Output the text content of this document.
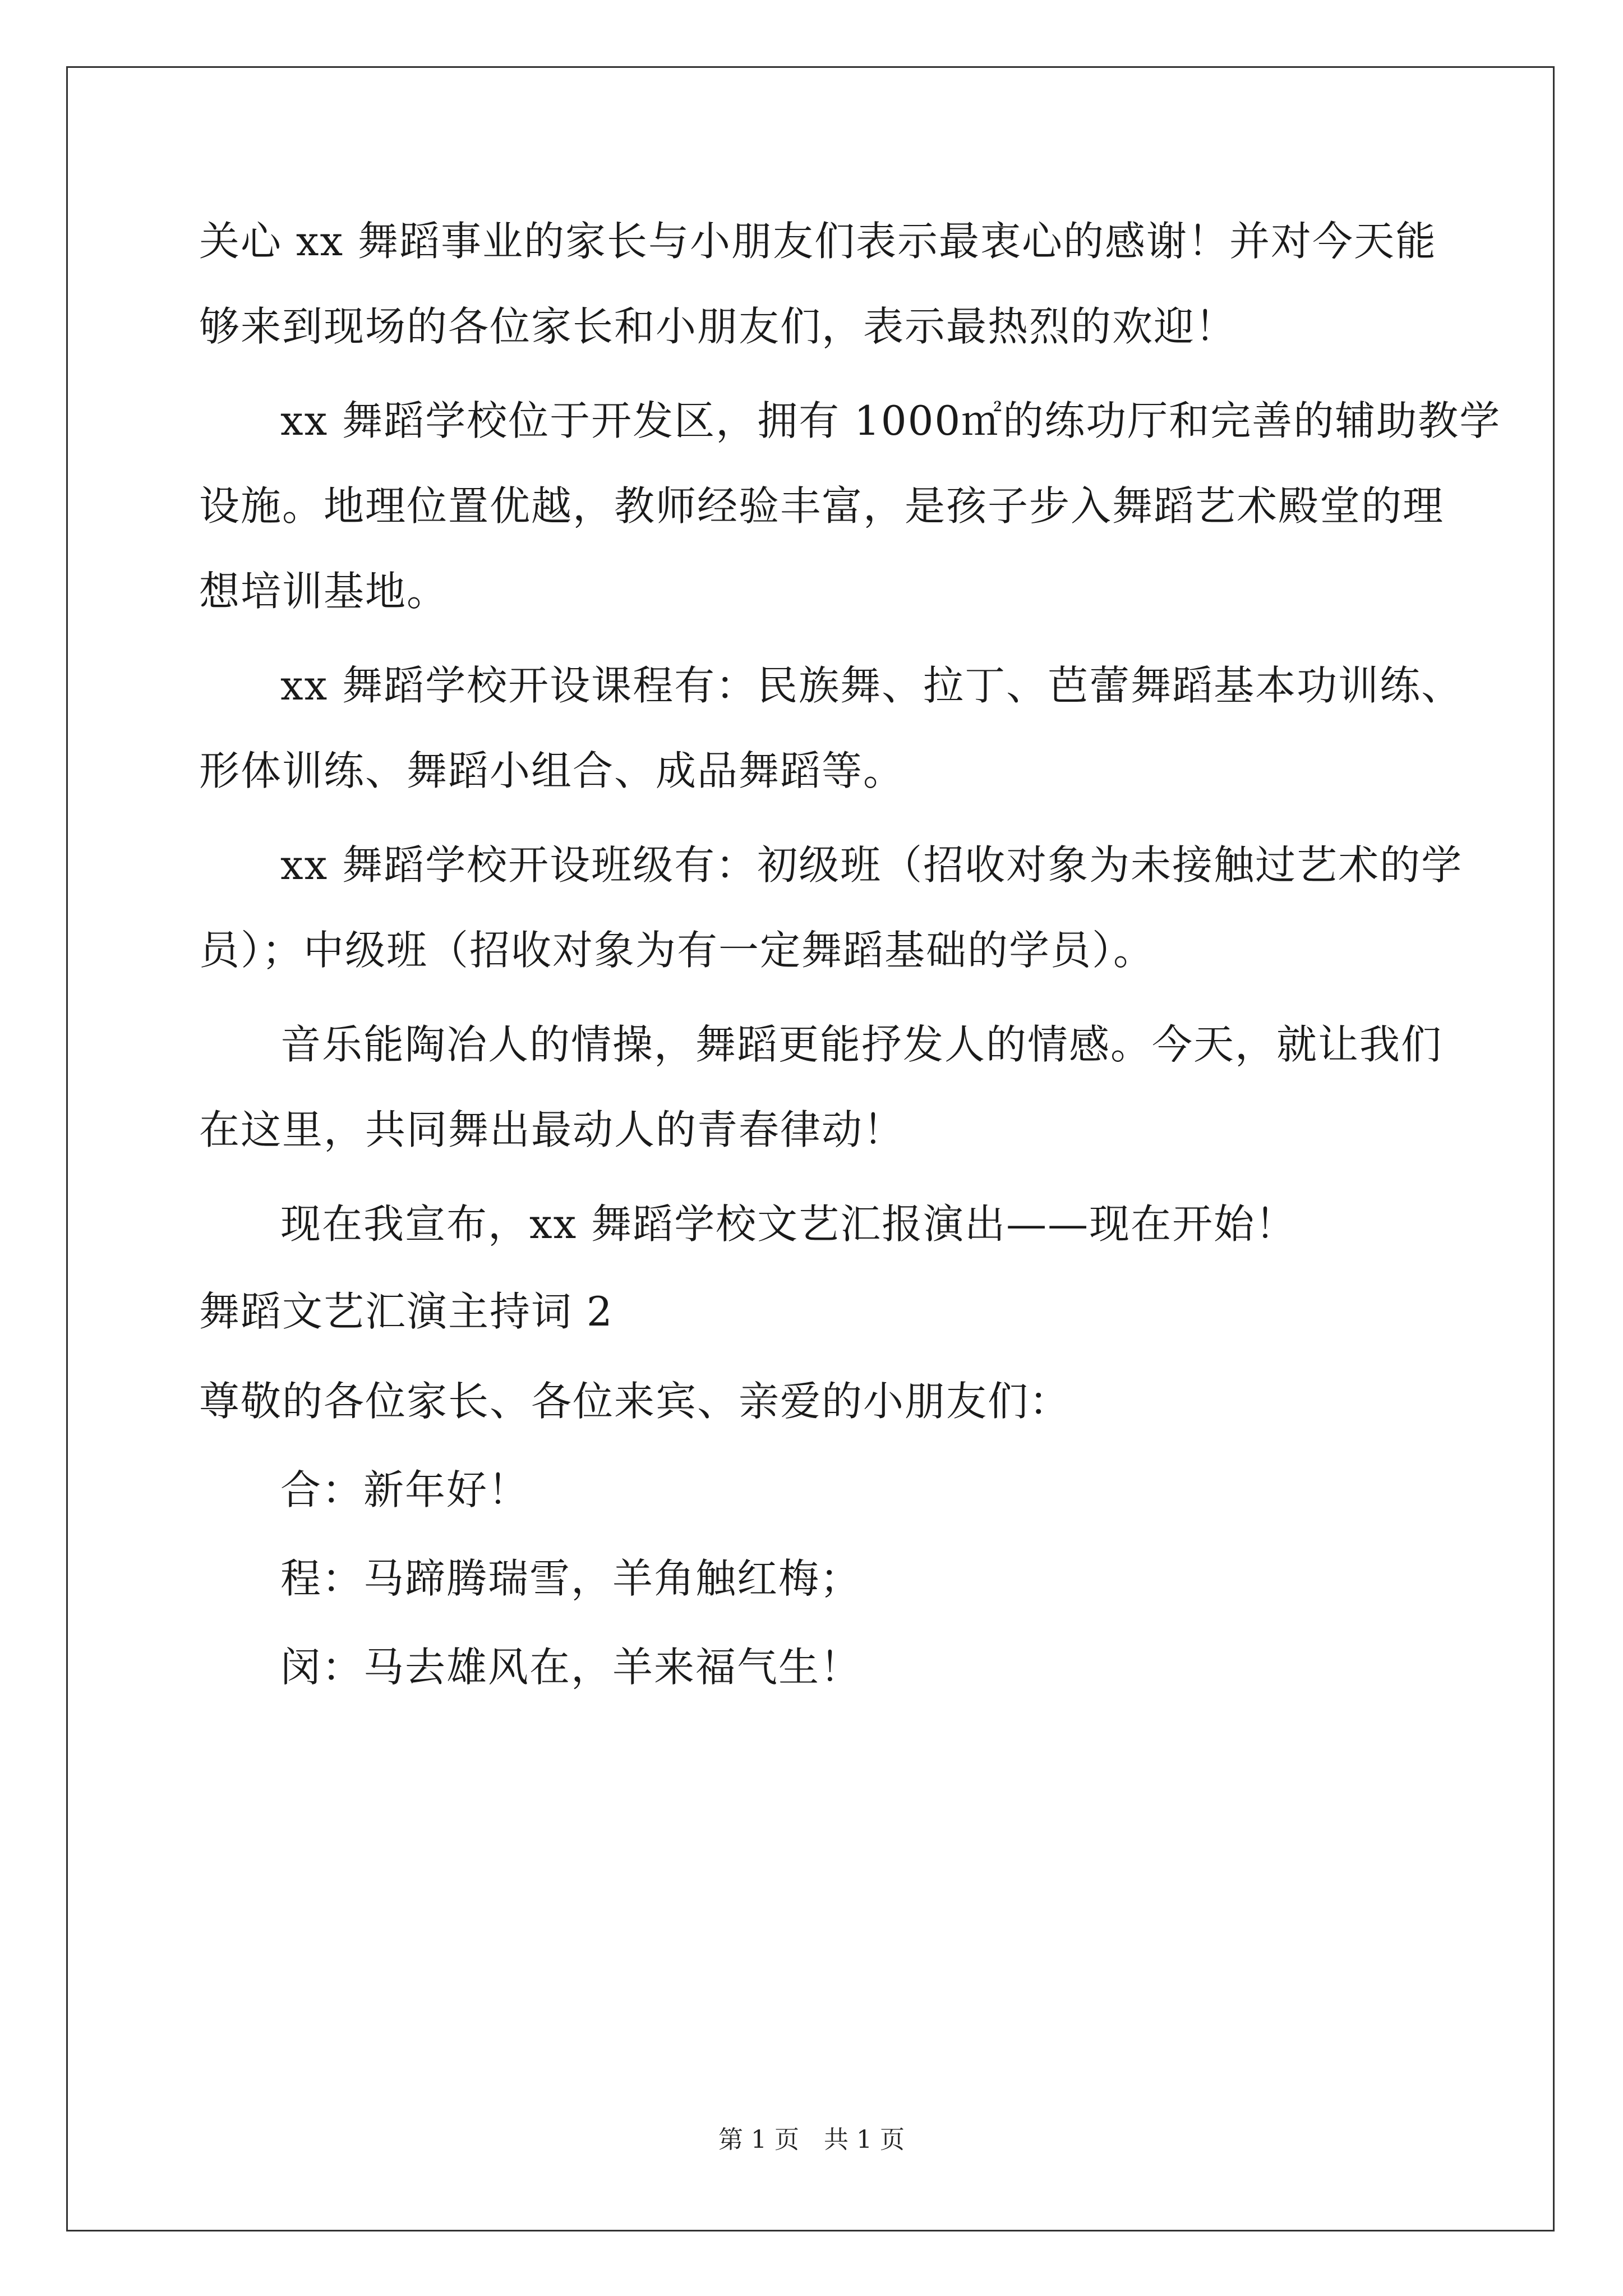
关心 xx 舞蹈事业的家长与小朋友们表示最衷心的感谢！并对今天能
够来到现场的各位家长和小朋友们，表示最热烈的欢迎！
xx 舞蹈学校位于开发区，拥有 1000㎡的练功厅和完善的辅助教学
设施。地理位置优越，教师经验丰富，是孩子步入舞蹈艺术殿堂的理
想培训基地。
xx 舞蹈学校开设课程有：民族舞、拉丁、芭蕾舞蹈基本功训练、
形体训练、舞蹈小组合、成品舞蹈等。
xx 舞蹈学校开设班级有：初级班（招收对象为未接触过艺术的学
员）；中级班（招收对象为有一定舞蹈基础的学员）。
音乐能陶冶人的情操，舞蹈更能抒发人的情感。今天，就让我们
在这里，共同舞出最动人的青春律动！
现在我宣布，xx 舞蹈学校文艺汇报演出——现在开始！
舞蹈文艺汇演主持词 2
尊敬的各位家长、各位来宾、亲爱的小朋友们：
合：新年好！
程：马蹄腾瑞雪，羊角触红梅；
闵：马去雄风在，羊来福气生！
第 1 页　共 1 页
